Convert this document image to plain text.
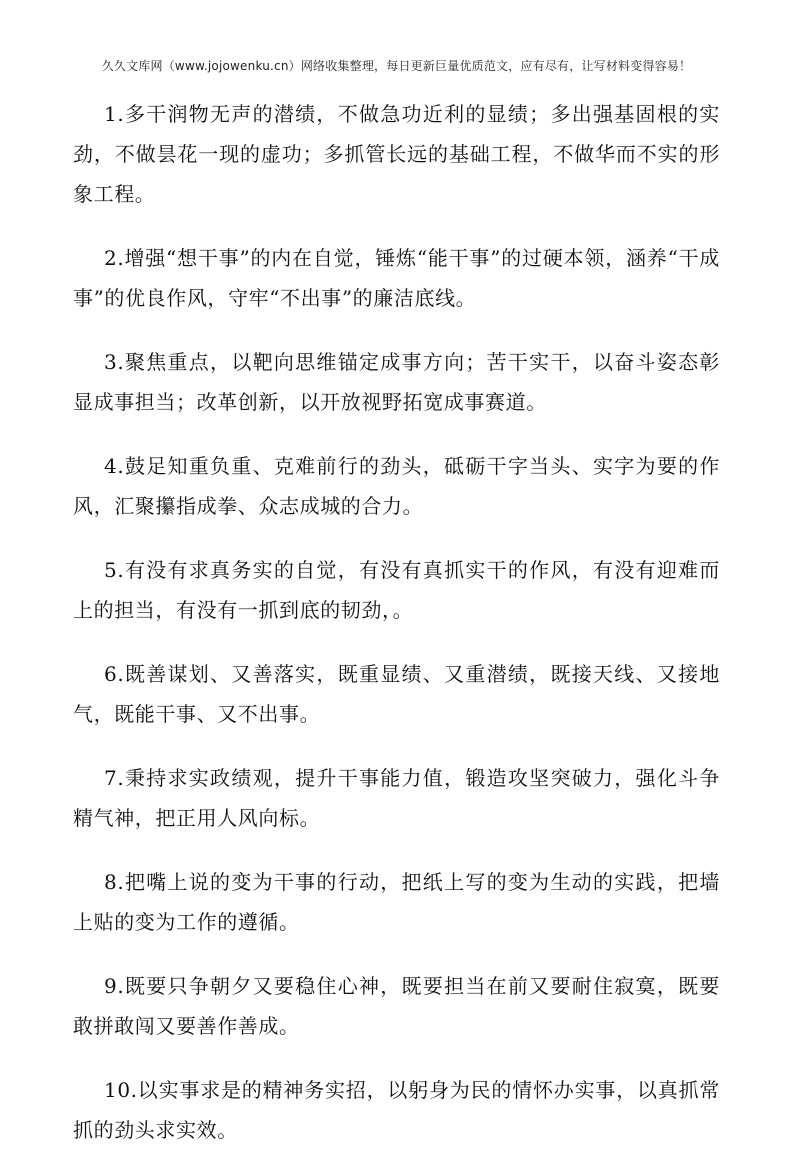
久久文库网（www.jojowenku.cn）网络收集整理，每日更新巨量优质范文，应有尽有，让写材料变得容易！

1.多干润物无声的潜绩，不做急功近利的显绩；多出强基固根的实劲，不做昙花一现的虚功；多抓管长远的基础工程，不做华而不实的形象工程。

2.增强“想干事”的内在自觉，锤炼“能干事”的过硬本领，涵养“干成事”的优良作风，守牢“不出事”的廉洁底线。

3.聚焦重点，以靶向思维锚定成事方向；苦干实干，以奋斗姿态彰显成事担当；改革创新，以开放视野拓宽成事赛道。

4.鼓足知重负重、克难前行的劲头，砥砺干字当头、实字为要的作风，汇聚攥指成拳、众志成城的合力。

5.有没有求真务实的自觉，有没有真抓实干的作风，有没有迎难而上的担当，有没有一抓到底的韧劲，。

6.既善谋划、又善落实，既重显绩、又重潜绩，既接天线、又接地气，既能干事、又不出事。

7.秉持求实政绩观，提升干事能力值，锻造攻坚突破力，强化斗争精气神，把正用人风向标。

8.把嘴上说的变为干事的行动，把纸上写的变为生动的实践，把墙上贴的变为工作的遵循。

9.既要只争朝夕又要稳住心神，既要担当在前又要耐住寂寞，既要敢拼敢闯又要善作善成。

10.以实事求是的精神务实招，以躬身为民的情怀办实事，以真抓常抓的劲头求实效。
